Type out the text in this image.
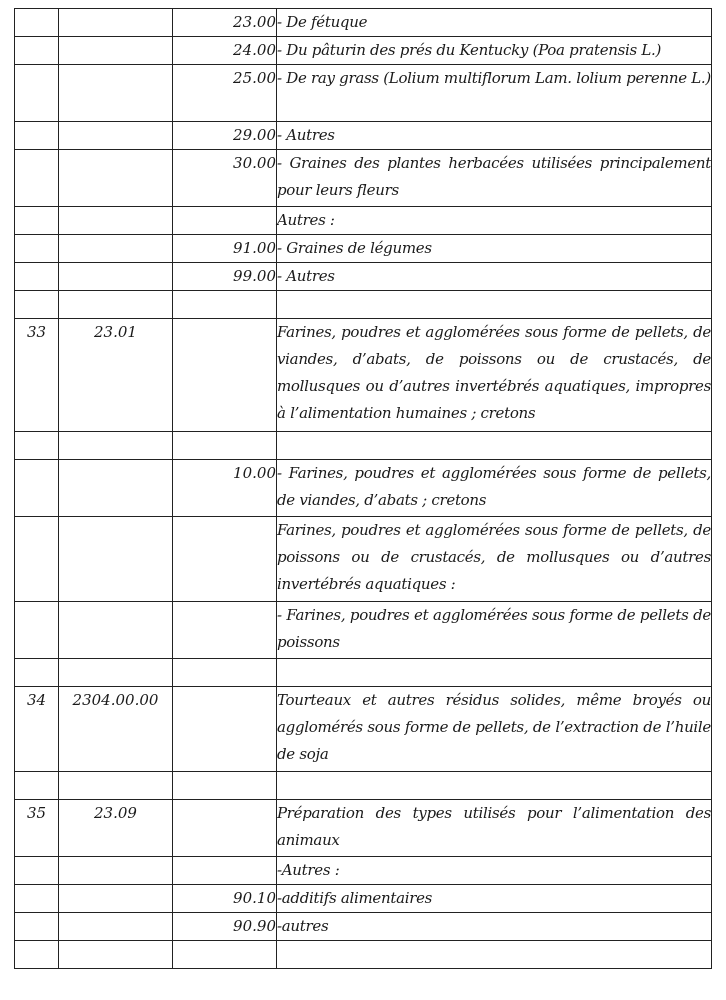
		23.00	- De fétuque
		24.00	- Du pâturin des prés du Kentucky (Poa pratensis L.)
		25.00	- De ray grass (Lolium multiflorum Lam. lolium perenne L.)
		29.00	- Autres
		30.00	- Graines des plantes herbacées utilisées principalement pour leurs fleurs
			Autres :
		91.00	- Graines de légumes
		99.00	- Autres

33	23.01		Farines, poudres et agglomérées sous forme de pellets, de viandes, d’abats, de poissons ou de crustacés, de mollusques ou d’autres invertébrés aquatiques, impropres à l’alimentation humaines ; cretons

		10.00	- Farines, poudres et agglomérées sous forme de pellets, de viandes, d’abats ; cretons
			Farines, poudres et agglomérées sous forme de pellets, de poissons ou de crustacés, de mollusques ou d’autres invertébrés aquatiques :
			- Farines, poudres et agglomérées sous forme de pellets de poissons

34	2304.00.00		Tourteaux et autres résidus solides, même broyés ou agglomérés sous forme de pellets, de l’extraction de l’huile de soja

35	23.09		Préparation des types utilisés pour l’alimentation des animaux
			-Autres :
		90.10	-additifs alimentaires
		90.90	-autres
